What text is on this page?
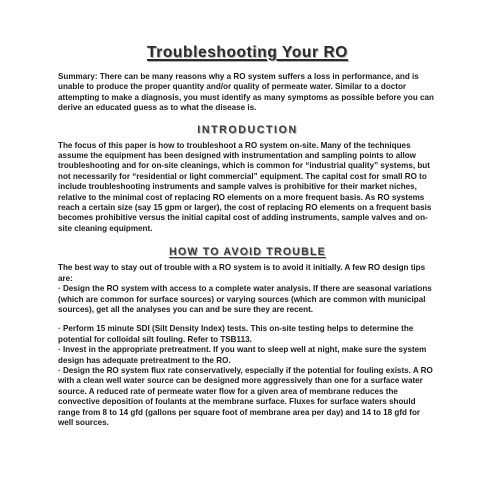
Troubleshooting Your RO

Summary: There can be many reasons why a RO system suffers a loss in performance, and is unable to produce the proper quantity and/or quality of permeate water. Similar to a doctor attempting to make a diagnosis, you must identify as many symptoms as possible before you can derive an educated guess as to what the disease is.

INTRODUCTION

The focus of this paper is how to troubleshoot a RO system on-site. Many of the techniques assume the equipment has been designed with instrumentation and sampling points to allow troubleshooting and for on-site cleanings, which is common for “industrial quality” systems, but not necessarily for “residential or light commercial” equipment. The capital cost for small RO to include troubleshooting instruments and sample valves is prohibitive for their market niches, relative to the minimal cost of replacing RO elements on a more frequent basis. As RO systems reach a certain size (say 15 gpm or larger), the cost of replacing RO elements on a frequent basis becomes prohibitive versus the initial capital cost of adding instruments, sample valves and on-site cleaning equipment.

HOW TO AVOID TROUBLE

The best way to stay out of trouble with a RO system is to avoid it initially. A few RO design tips are:

· Design the RO system with access to a complete water analysis. If there are seasonal variations (which are common for surface sources) or varying sources (which are common with municipal sources), get all the analyses you can and be sure they are recent.

· Perform 15 minute SDI (Silt Density Index) tests. This on-site testing helps to determine the potential for colloidal silt fouling. Refer to TSB113.

· Invest in the appropriate pretreatment. If you want to sleep well at night, make sure the system design has adequate pretreatment to the RO.

· Design the RO system flux rate conservatively, especially if the potential for fouling exists. A RO with a clean well water source can be designed more aggressively than one for a surface water source. A reduced rate of permeate water flow for a given area of membrane reduces the convective deposition of foulants at the membrane surface. Fluxes for surface waters should range from 8 to 14 gfd (gallons per square foot of membrane area per day) and 14 to 18 gfd for well sources.
